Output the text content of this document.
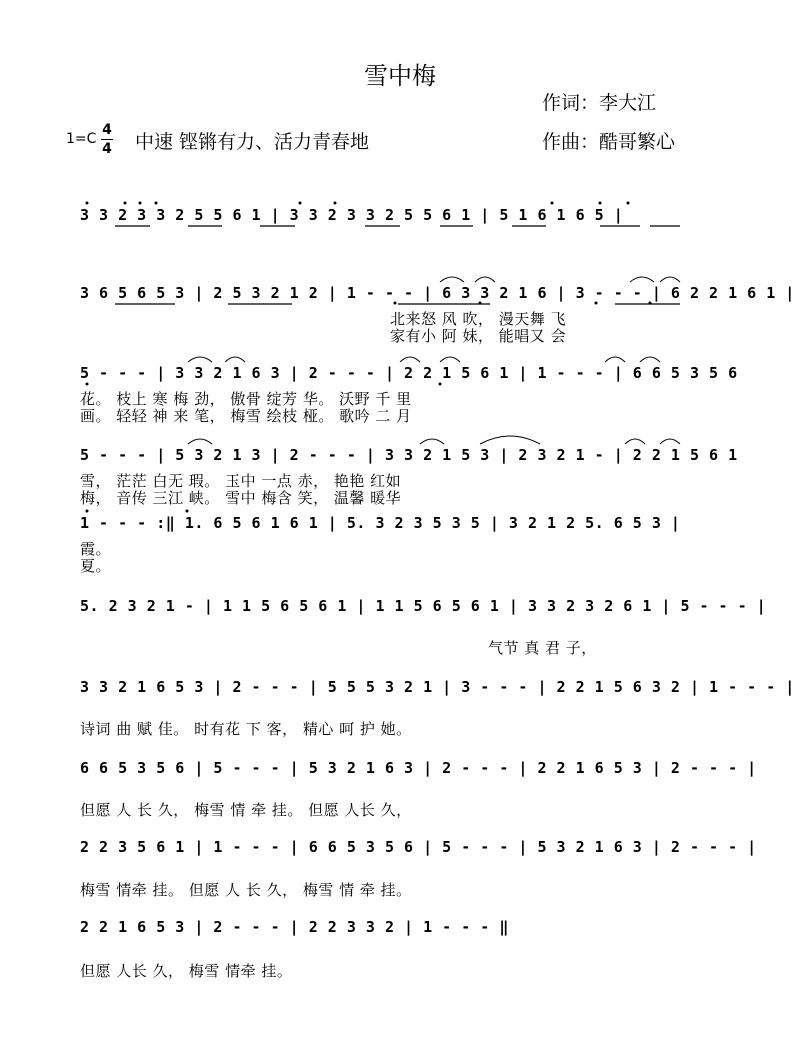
雪中梅
作词：李大江
作曲：酷哥繁心
1=C
4
4 中速 铿锵有力、活力青春地
3 3 2 3 3 2 5 5 6 1 | 3 3 2 3 3 2 5 5 6 1 | 5 1 6 1 6 5 |
3 6 5 6 5 3 | 2 5 3 2 1 2 | 1 - - - | 6 3 3 2 1 6 | 3 - - - | 6 2 2 1 6 1 |
北来怒 风 吹， 漫天舞 飞
家有小 阿 妹， 能唱又 会
5 - - - | 3 3 2 1 6 3 | 2 - - - | 2 2 1 5 6 1 | 1 - - - | 6 6 5 3 5 6
花。 枝上 寒 梅 劲， 傲骨 绽芳 华。 沃野 千 里
画。 轻轻 神 来 笔， 梅雪 绘枝 桠。 歌吟 二 月
5 - - - | 5 3 2 1 3 | 2 - - - | 3 3 2 1 5 3 | 2 3 2 1 - | 2 2 1 5 6 1
雪， 茫茫 白无 瑕。 玉中 一点 赤， 艳艳 红如
梅， 音传 三江 峡。 雪中 梅含 笑， 温馨 暖华
1 - - - :‖ 1. 6 5 6 1 6 1 | 5. 3 2 3 5 3 5 | 3 2 1 2 5. 6 5 3 |
霞。
夏。
5. 2 3 2 1 - | 1 1 5 6 5 6 1 | 1 1 5 6 5 6 1 | 3 3 2 3 2 6 1 | 5 - - - |
气节 真 君 子，
3 3 2 1 6 5 3 | 2 - - - | 5 5 5 3 2 1 | 3 - - - | 2 2 1 5 6 3 2 | 1 - - - |
诗词 曲 赋 佳。 时有花 下 客， 精心 呵 护 她。
6 6 5 3 5 6 | 5 - - - | 5 3 2 1 6 3 | 2 - - - | 2 2 1 6 5 3 | 2 - - - |
但愿 人 长 久， 梅雪 情 牵 挂。 但愿 人长 久，
2 2 3 5 6 1 | 1 - - - | 6 6 5 3 5 6 | 5 - - - | 5 3 2 1 6 3 | 2 - - - |
梅雪 情牵 挂。 但愿 人 长 久， 梅雪 情 牵 挂。
2 2 1 6 5 3 | 2 - - - | 2 2 3 3 2 | 1 - - - ‖
但愿 人长 久， 梅雪 情牵 挂。
